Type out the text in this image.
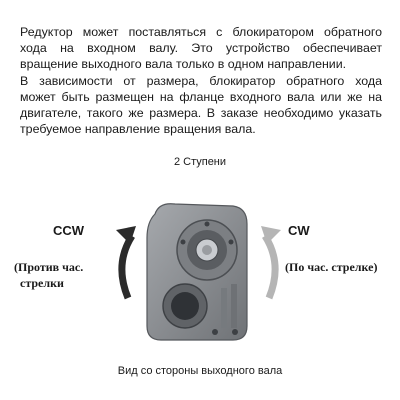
Редуктор может поставляться с блокиратором обратного
хода на входном валу. Это устройство обеспечивает
вращение выходного вала только в одном направлении.
В зависимости от размера, блокиратор обратного хода
может быть размещен на фланце входного вала или же на
двигателе, такого же размера. В заказе необходимо указать
требуемое направление вращения вала.

2 Ступени
CCW
(Против час.
стрелки
CW
(По час. стрелке)
Вид со стороны выходного вала
